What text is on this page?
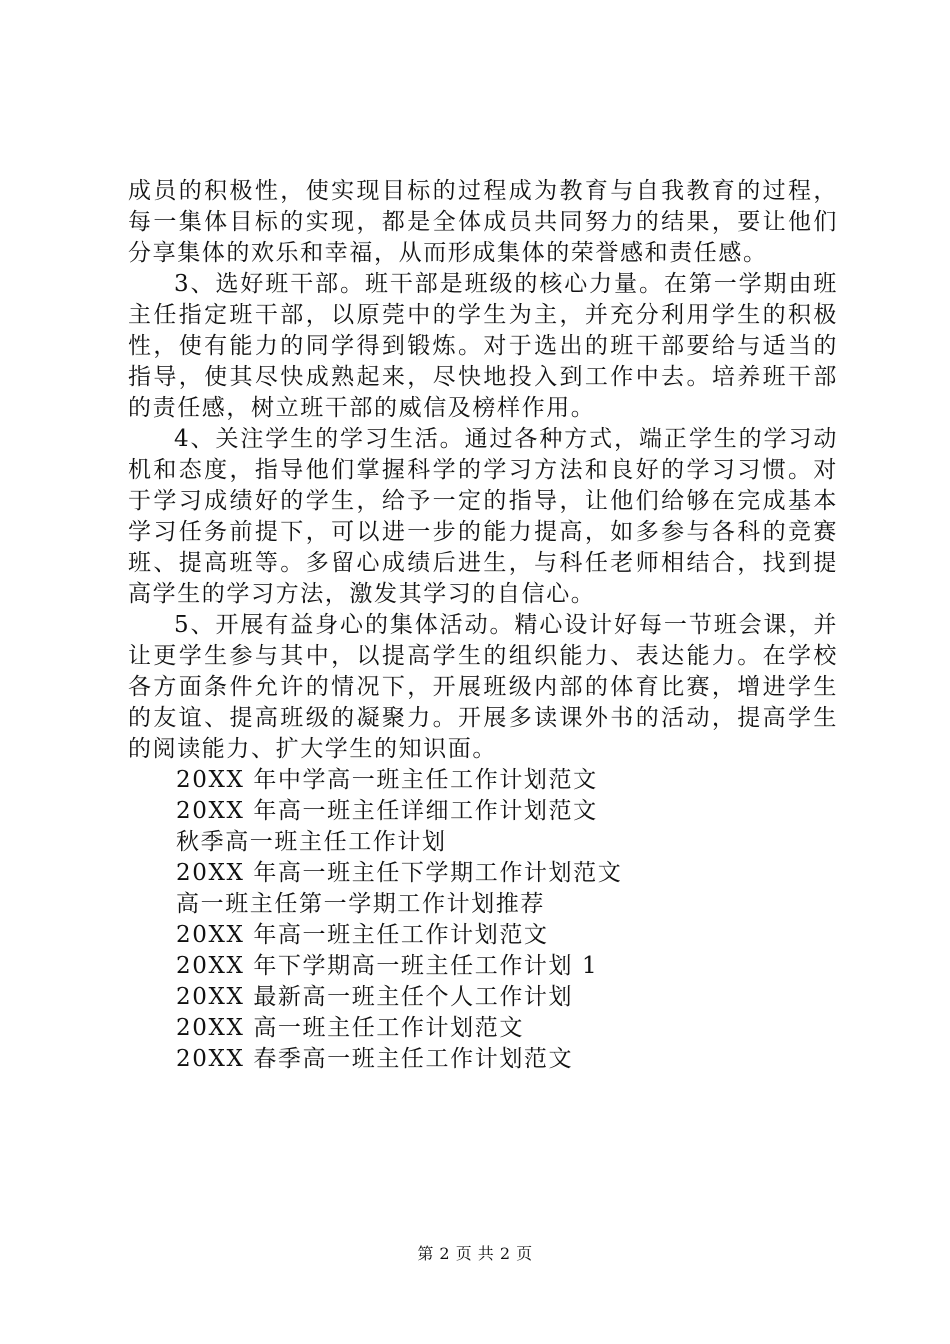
成员的积极性，使实现目标的过程成为教育与自我教育的过程，每一集体目标的实现，都是全体成员共同努力的结果，要让他们分享集体的欢乐和幸福，从而形成集体的荣誉感和责任感。

3、选好班干部。班干部是班级的核心力量。在第一学期由班主任指定班干部，以原莞中的学生为主，并充分利用学生的积极性，使有能力的同学得到锻炼。对于选出的班干部要给与适当的指导，使其尽快成熟起来，尽快地投入到工作中去。培养班干部的责任感，树立班干部的威信及榜样作用。

4、关注学生的学习生活。通过各种方式，端正学生的学习动机和态度，指导他们掌握科学的学习方法和良好的学习习惯。对于学习成绩好的学生，给予一定的指导，让他们给够在完成基本学习任务前提下，可以进一步的能力提高，如多参与各科的竞赛班、提高班等。多留心成绩后进生，与科任老师相结合，找到提高学生的学习方法，激发其学习的自信心。

5、开展有益身心的集体活动。精心设计好每一节班会课，并让更学生参与其中，以提高学生的组织能力、表达能力。在学校各方面条件允许的情况下，开展班级内部的体育比赛，增进学生的友谊、提高班级的凝聚力。开展多读课外书的活动，提高学生的阅读能力、扩大学生的知识面。

20XX 年中学高一班主任工作计划范文
20XX 年高一班主任详细工作计划范文
秋季高一班主任工作计划
20XX 年高一班主任下学期工作计划范文
高一班主任第一学期工作计划推荐
20XX 年高一班主任工作计划范文
20XX 年下学期高一班主任工作计划 1
20XX 最新高一班主任个人工作计划
20XX 高一班主任工作计划范文
20XX 春季高一班主任工作计划范文
第 2 页 共 2 页
